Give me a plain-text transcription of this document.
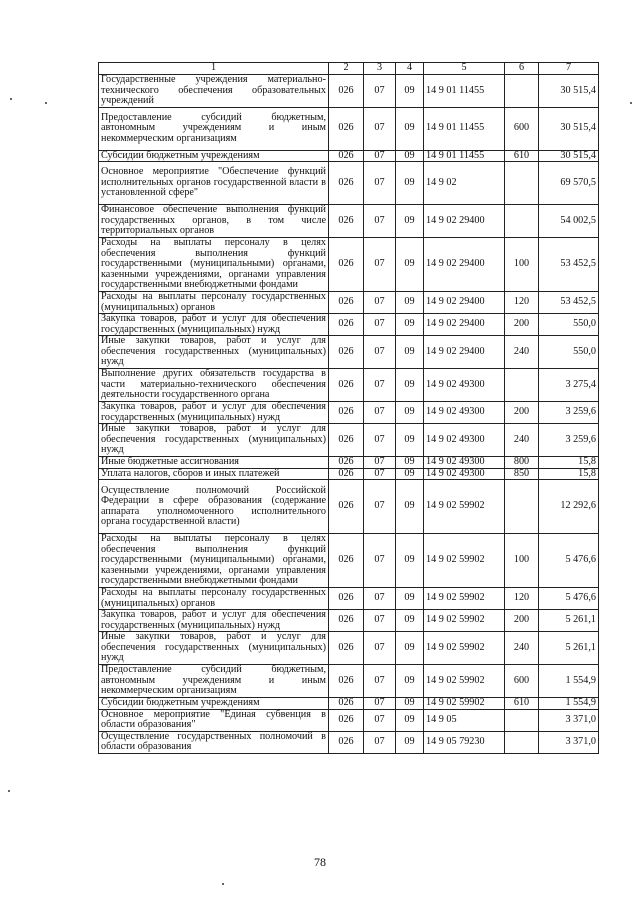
1	2	3	4	5	6	7
Государственные учреждения материально-технического обеспечения образовательных учреждений	026	07	09	14 9 01 11455		30 515,4
Предоставление субсидий бюджетным, автономным учреждениям и иным некоммерческим организациям	026	07	09	14 9 01 11455	600	30 515,4
Субсидии бюджетным учреждениям	026	07	09	14 9 01 11455	610	30 515,4
Основное мероприятие "Обеспечение функций исполнительных органов государственной власти в установленной сфере"	026	07	09	14 9 02		69 570,5
Финансовое обеспечение выполнения функций государственных органов, в том числе территориальных органов	026	07	09	14 9 02 29400		54 002,5
Расходы на выплаты персоналу в целях обеспечения выполнения функций государственными (муниципальными) органами, казенными учреждениями, органами управления государственными внебюджетными фондами	026	07	09	14 9 02 29400	100	53 452,5
Расходы на выплаты персоналу государственных (муниципальных) органов	026	07	09	14 9 02 29400	120	53 452,5
Закупка товаров, работ и услуг для обеспечения государственных (муниципальных) нужд	026	07	09	14 9 02 29400	200	550,0
Иные закупки товаров, работ и услуг для обеспечения государственных (муниципальных) нужд	026	07	09	14 9 02 29400	240	550,0
Выполнение других обязательств государства в части материально-технического обеспечения деятельности государственного органа	026	07	09	14 9 02 49300		3 275,4
Закупка товаров, работ и услуг для обеспечения государственных (муниципальных) нужд	026	07	09	14 9 02 49300	200	3 259,6
Иные закупки товаров, работ и услуг для обеспечения государственных (муниципальных) нужд	026	07	09	14 9 02 49300	240	3 259,6
Иные бюджетные ассигнования	026	07	09	14 9 02 49300	800	15,8
Уплата налогов, сборов и иных платежей	026	07	09	14 9 02 49300	850	15,8
Осуществление полномочий Российской Федерации в сфере образования (содержание аппарата уполномоченного исполнительного органа государственной власти)	026	07	09	14 9 02 59902		12 292,6
Расходы на выплаты персоналу в целях обеспечения выполнения функций государственными (муниципальными) органами, казенными учреждениями, органами управления государственными внебюджетными фондами	026	07	09	14 9 02 59902	100	5 476,6
Расходы на выплаты персоналу государственных (муниципальных) органов	026	07	09	14 9 02 59902	120	5 476,6
Закупка товаров, работ и услуг для обеспечения государственных (муниципальных) нужд	026	07	09	14 9 02 59902	200	5 261,1
Иные закупки товаров, работ и услуг для обеспечения государственных (муниципальных) нужд	026	07	09	14 9 02 59902	240	5 261,1
Предоставление субсидий бюджетным, автономным учреждениям и иным некоммерческим организациям	026	07	09	14 9 02 59902	600	1 554,9
Субсидии бюджетным учреждениям	026	07	09	14 9 02 59902	610	1 554,9
Основное мероприятие "Единая субвенция в области образования"	026	07	09	14 9 05		3 371,0
Осуществление государственных полномочий в области образования	026	07	09	14 9 05 79230		3 371,0
78
